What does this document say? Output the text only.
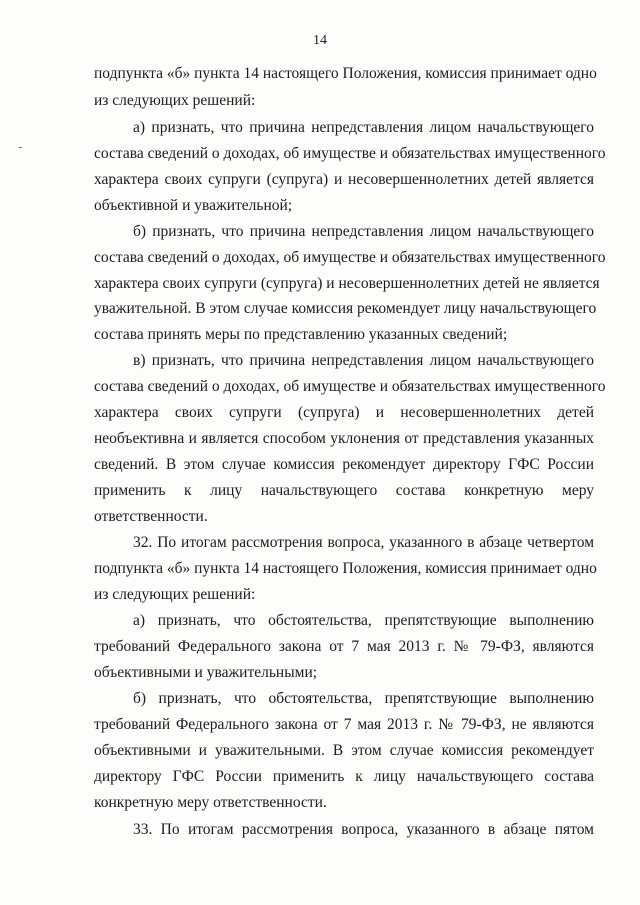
14
подпункта «б» пункта 14 настоящего Положения, комиссия принимает одно
из следующих решений:
а) признать, что причина непредставления лицом начальствующего
состава сведений о доходах, об имуществе и обязательствах имущественного
характера своих супруги (супруга) и несовершеннолетних детей является
объективной и уважительной;
б) признать, что причина непредставления лицом начальствующего
состава сведений о доходах, об имуществе и обязательствах имущественного
характера своих супруги (супруга) и несовершеннолетних детей не является
уважительной. В этом случае комиссия рекомендует лицу начальствующего
состава принять меры по представлению указанных сведений;
в) признать, что причина непредставления лицом начальствующего
состава сведений о доходах, об имуществе и обязательствах имущественного
характера своих супруги (супруга) и несовершеннолетних детей
необъективна и является способом уклонения от представления указанных
сведений. В этом случае комиссия рекомендует директору ГФС России
применить к лицу начальствующего состава конкретную меру
ответственности.
32. По итогам рассмотрения вопроса, указанного в абзаце четвертом
подпункта «б» пункта 14 настоящего Положения, комиссия принимает одно
из следующих решений:
а) признать, что обстоятельства, препятствующие выполнению
требований Федерального закона от 7 мая 2013 г. № 79-ФЗ, являются
объективными и уважительными;
б) признать, что обстоятельства, препятствующие выполнению
требований Федерального закона от 7 мая 2013 г. № 79-ФЗ, не являются
объективными и уважительными. В этом случае комиссия рекомендует
директору ГФС России применить к лицу начальствующего состава
конкретную меру ответственности.
33. По итогам рассмотрения вопроса, указанного в абзаце пятом
